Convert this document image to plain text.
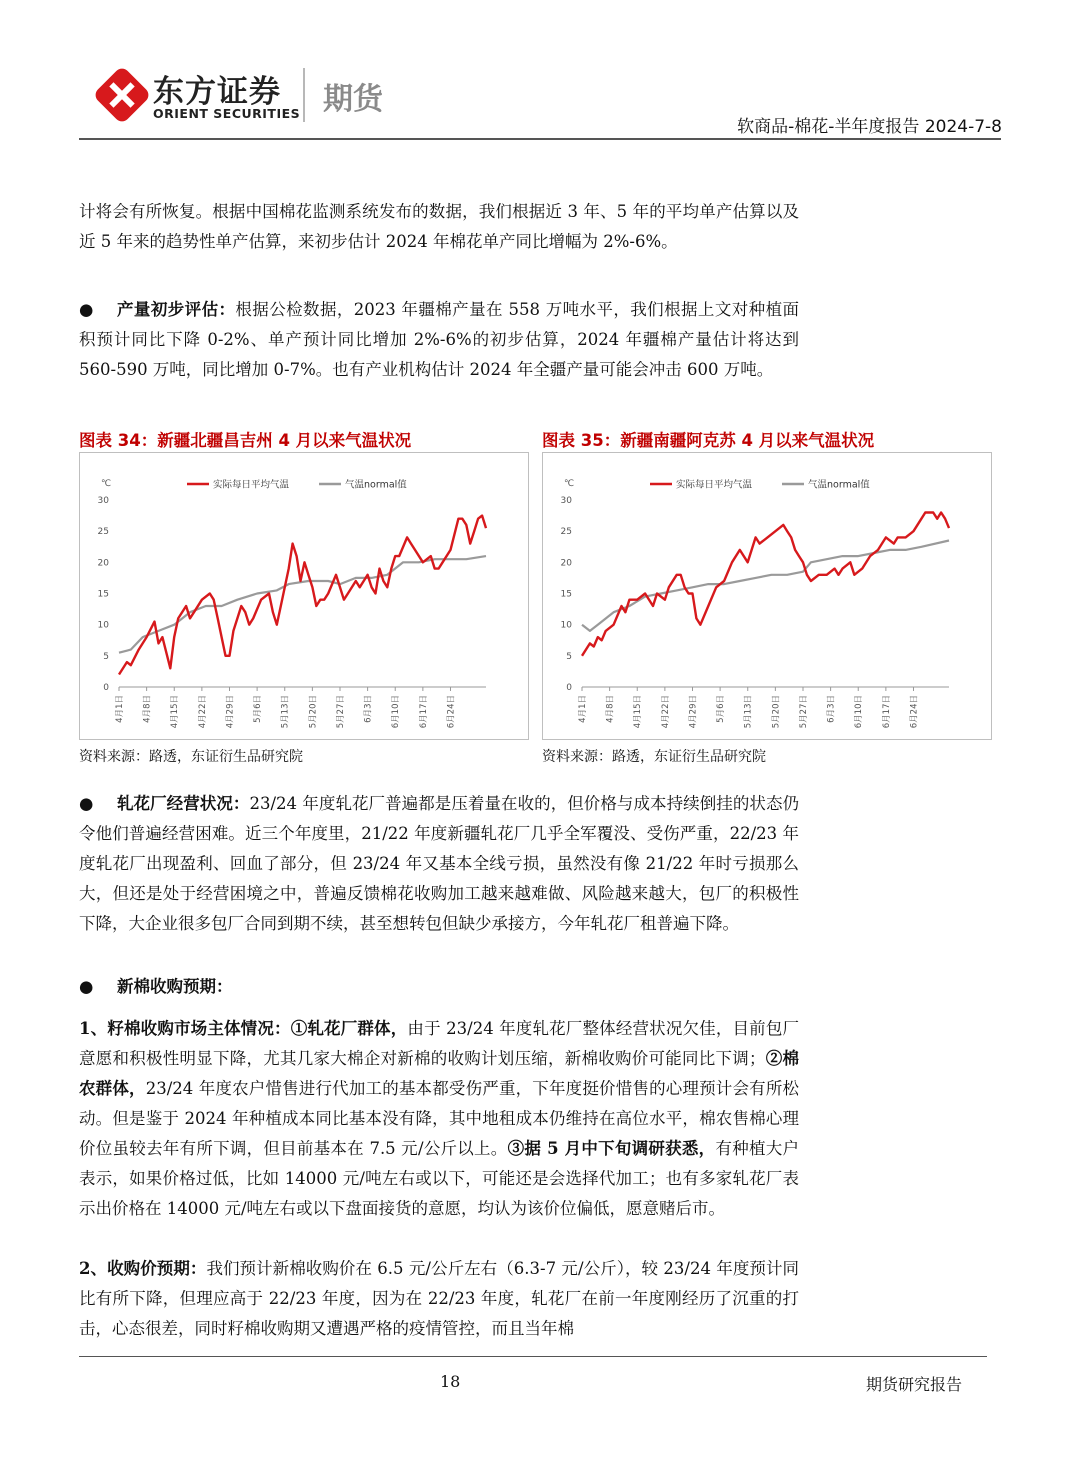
东方证券
ORIENT SECURITIES 期货
软商品-棉花-半年度报告 2024-7-8

计将会有所恢复。根据中国棉花监测系统发布的数据，我们根据近 3 年、5 年的平均单产估算以及近 5 年来的趋势性单产估算，来初步估计 2024 年棉花单产同比增幅为 2%-6%。

●	产量初步评估：根据公检数据，2023 年疆棉产量在 558 万吨水平，我们根据上文对种植面积预计同比下降 0-2%、单产预计同比增加 2%-6%的初步估算，2024 年疆棉产量估计将达到 560-590 万吨，同比增加 0-7%。也有产业机构估计 2024 年全疆产量可能会冲击 600 万吨。

图表 34：新疆北疆昌吉州 4 月以来气温状况	图表 35：新疆南疆阿克苏 4 月以来气温状况
℃
0
5
10
15
20
25
30
4月1日 4月8日 4月15日 4月22日 4月29日 5月6日 5月13日 5月20日 5月27日 6月3日 6月10日 6月17日 6月24日
实际每日平均气温	气温normal值	℃
0
5
10
15
20
25
30
4月1日 4月8日 4月15日 4月22日 4月29日 5月6日 5月13日 5月20日 5月27日 6月3日 6月10日 6月17日 6月24日
实际每日平均气温	气温normal值
资料来源：路透，东证衍生品研究院	资料来源：路透，东证衍生品研究院
●	轧花厂经营状况：23/24 年度轧花厂普遍都是压着量在收的，但价格与成本持续倒挂的状态仍令他们普遍经营困难。近三个年度里，21/22 年度新疆轧花厂几乎全军覆没、受伤严重，22/23 年度轧花厂出现盈利、回血了部分，但 23/24 年又基本全线亏损，虽然没有像 21/22 年时亏损那么大，但还是处于经营困境之中，普遍反馈棉花收购加工越来越难做、风险越来越大，包厂的积极性下降，大企业很多包厂合同到期不续，甚至想转包但缺少承接方，今年轧花厂租普遍下降。

●	新棉收购预期：

1、籽棉收购市场主体情况：①轧花厂群体，由于 23/24 年度轧花厂整体经营状况欠佳，目前包厂意愿和积极性明显下降，尤其几家大棉企对新棉的收购计划压缩，新棉收购价可能同比下调；②棉农群体，23/24 年度农户惜售进行代加工的基本都受伤严重，下年度挺价惜售的心理预计会有所松动。但是鉴于 2024 年种植成本同比基本没有降，其中地租成本仍维持在高位水平，棉农售棉心理价位虽较去年有所下调，但目前基本在 7.5 元/公斤以上。③据 5 月中下旬调研获悉，有种植大户表示，如果价格过低，比如 14000 元/吨左右或以下，可能还是会选择代加工；也有多家轧花厂表示出价格在 14000 元/吨左右或以下盘面接货的意愿，均认为该价位偏低，愿意赌后市。

2、收购价预期：我们预计新棉收购价在 6.5 元/公斤左右（6.3-7 元/公斤），较 23/24 年度预计同比有所下降，但理应高于 22/23 年度，因为在 22/23 年度，轧花厂在前一年度刚经历了沉重的打击，心态很差，同时籽棉收购期又遭遇严格的疫情管控，而且当年棉

18	期货研究报告
